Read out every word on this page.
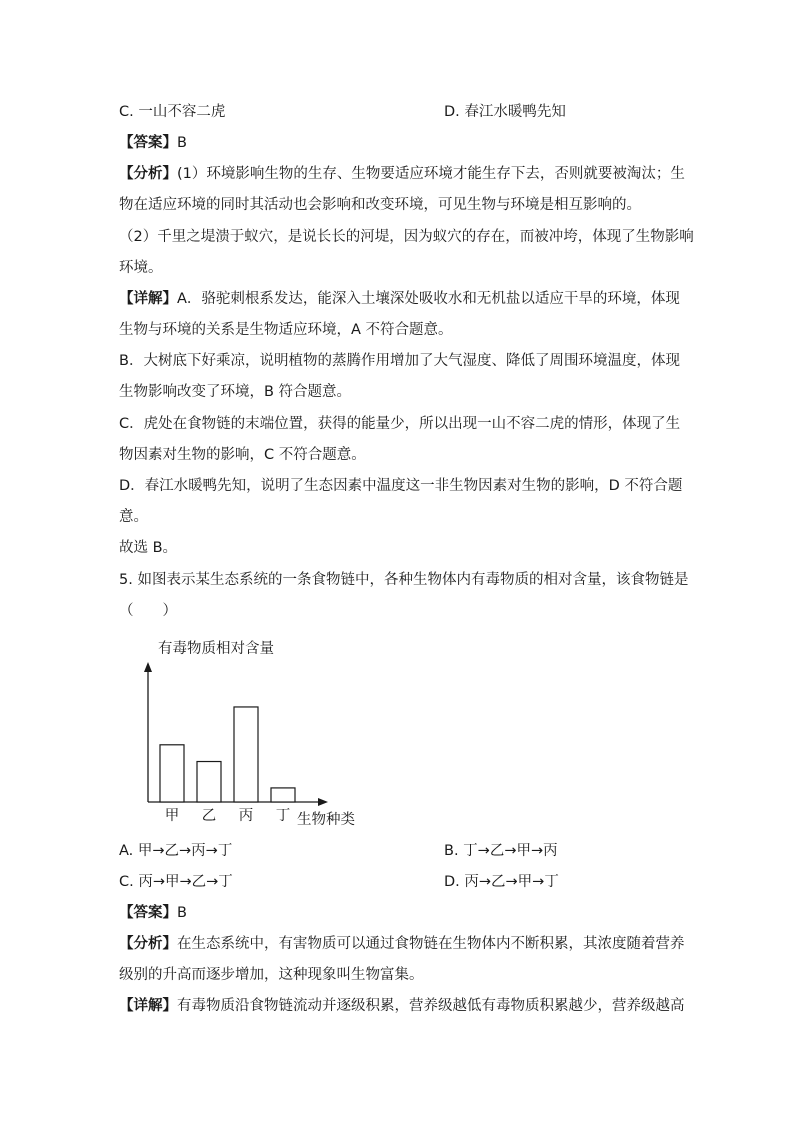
C. 一山不容二虎	D. 春江水暖鸭先知
【答案】B
【分析】(1）环境影响生物的生存、生物要适应环境才能生存下去，否则就要被淘汰；生
物在适应环境的同时其活动也会影响和改变环境，可见生物与环境是相互影响的。
（2）千里之堤溃于蚁穴，是说长长的河堤，因为蚁穴的存在，而被冲垮，体现了生物影响
环境。
【详解】A．骆驼刺根系发达，能深入土壤深处吸收水和无机盐以适应干旱的环境，体现
生物与环境的关系是生物适应环境，A 不符合题意。
B．大树底下好乘凉，说明植物的蒸腾作用增加了大气湿度、降低了周围环境温度，体现
生物影响改变了环境，B 符合题意。
C．虎处在食物链的末端位置，获得的能量少，所以出现一山不容二虎的情形，体现了生
物因素对生物的影响，C 不符合题意。
D．春江水暖鸭先知，说明了生态因素中温度这一非生物因素对生物的影响，D 不符合题
意。
故选 B。
5. 如图表示某生态系统的一条食物链中，各种生物体内有毒物质的相对含量，该食物链是
（　　）
有毒物质相对含量
生物种类
甲 乙 丙 丁
A. 甲→乙→丙→丁	B. 丁→乙→甲→丙
C. 丙→甲→乙→丁	D. 丙→乙→甲→丁
【答案】B
【分析】在生态系统中，有害物质可以通过食物链在生物体内不断积累，其浓度随着营养
级别的升高而逐步增加，这种现象叫生物富集。
【详解】有毒物质沿食物链流动并逐级积累，营养级越低有毒物质积累越少，营养级越高
